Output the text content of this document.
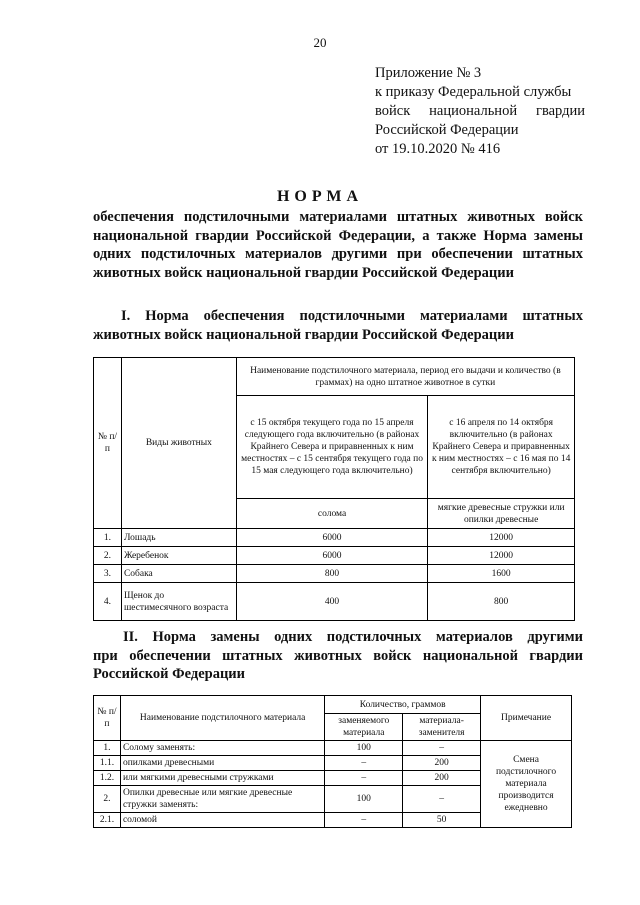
20
Приложение № 3
к приказу Федеральной службы
войск национальной гвардии
Российской Федерации
от 19.10.2020 № 416
НОРМА
обеспечения подстилочными материалами штатных животных войск
национальной гвардии Российской Федерации, а также Норма замены
одних подстилочных материалов другими при обеспечении штатных
животных войск национальной гвардии Российской Федерации
I. Норма обеспечения подстилочными материалами штатных
животных войск национальной гвардии Российской Федерации
№ п/п	Виды животных	Наименование подстилочного материала, период его выдачи и количество (в граммах) на одно штатное животное в сутки	
		с 15 октября текущего года по 15 апреля следующего года включительно (в районах Крайнего Севера и приравненных к ним местностях – с 15 сентября текущего года по 15 мая следующего года включительно)	с 16 апреля по 14 октября включительно (в районах Крайнего Севера и приравненных к ним местностях – с 16 мая по 14 сентября включительно)
		солома	мягкие древесные стружки или опилки древесные
1.	Лошадь	6000	12000
2.	Жеребенок	6000	12000
3.	Собака	800	1600
4.	Щенок до шестимесячного возраста	400	800
II. Норма замены одних подстилочных материалов другими
при обеспечении штатных животных войск национальной гвардии
Российской Федерации
№ п/п	Наименование подстилочного материала	Количество, граммов		Примечание
		заменяемого материала	материала-заменителя	
1.	Солому заменять:	100	–	Смена подстилочного материала производится ежедневно
1.1.	опилками древесными	–	200	
1.2.	или мягкими древесными стружками	–	200	
2.	Опилки древесные или мягкие древесные стружки заменять:	100	–	
2.1.	соломой	–	50	
